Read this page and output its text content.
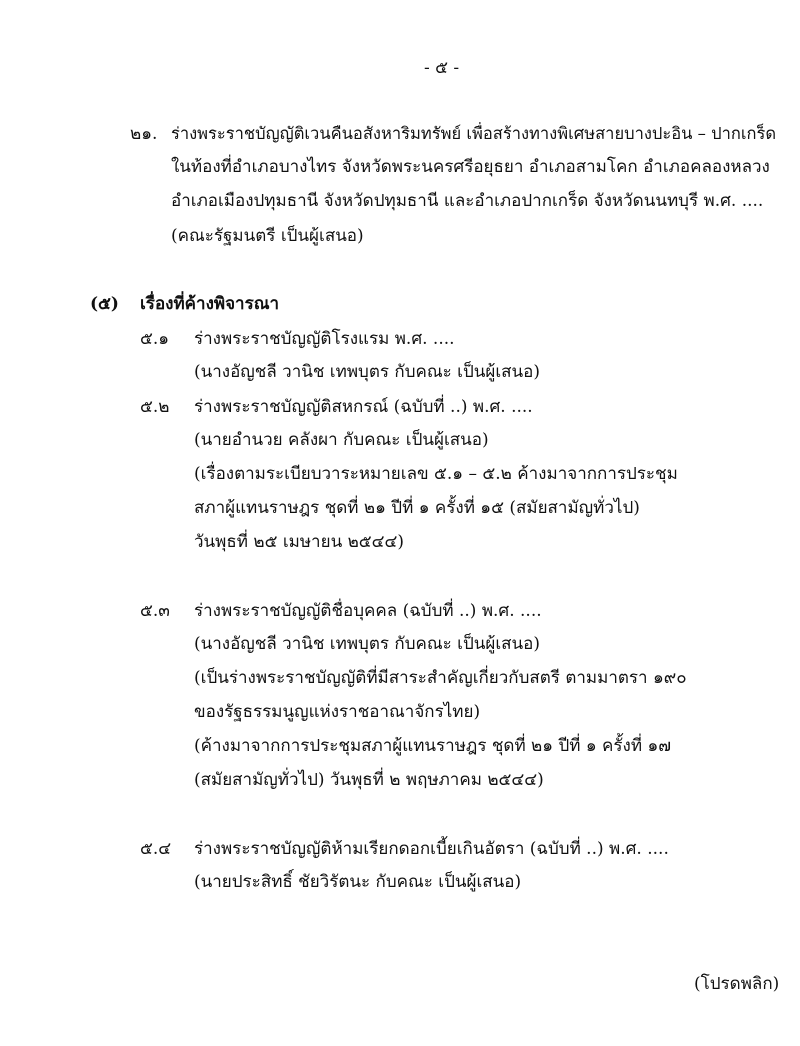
- ๕ -
๒๑. ร่างพระราชบัญญัติเวนคืนอสังหาริมทรัพย์ เพื่อสร้างทางพิเศษสายบางปะอิน – ปากเกร็ด
ในท้องที่อำเภอบางไทร จังหวัดพระนครศรีอยุธยา อำเภอสามโคก อำเภอคลองหลวง
อำเภอเมืองปทุมธานี จังหวัดปทุมธานี และอำเภอปากเกร็ด จังหวัดนนทบุรี พ.ศ. ....
(คณะรัฐมนตรี เป็นผู้เสนอ)
(๕) เรื่องที่ค้างพิจารณา
๕.๑ ร่างพระราชบัญญัติโรงแรม พ.ศ. ....
(นางอัญชลี วานิช เทพบุตร กับคณะ เป็นผู้เสนอ)
๕.๒ ร่างพระราชบัญญัติสหกรณ์ (ฉบับที่ ..) พ.ศ. ....
(นายอำนวย คลังผา กับคณะ เป็นผู้เสนอ)
(เรื่องตามระเบียบวาระหมายเลข ๕.๑ – ๕.๒ ค้างมาจากการประชุม
สภาผู้แทนราษฎร ชุดที่ ๒๑ ปีที่ ๑ ครั้งที่ ๑๕ (สมัยสามัญทั่วไป)
วันพุธที่ ๒๕ เมษายน ๒๕๔๔)
๕.๓ ร่างพระราชบัญญัติชื่อบุคคล (ฉบับที่ ..) พ.ศ. ....
(นางอัญชลี วานิช เทพบุตร กับคณะ เป็นผู้เสนอ)
(เป็นร่างพระราชบัญญัติที่มีสาระสำคัญเกี่ยวกับสตรี ตามมาตรา ๑๙๐
ของรัฐธรรมนูญแห่งราชอาณาจักรไทย)
(ค้างมาจากการประชุมสภาผู้แทนราษฎร ชุดที่ ๒๑ ปีที่ ๑ ครั้งที่ ๑๗
(สมัยสามัญทั่วไป) วันพุธที่ ๒ พฤษภาคม ๒๕๔๔)
๕.๔ ร่างพระราชบัญญัติห้ามเรียกดอกเบี้ยเกินอัตรา (ฉบับที่ ..) พ.ศ. ....
(นายประสิทธิ์ ชัยวิรัตนะ กับคณะ เป็นผู้เสนอ)
(โปรดพลิก)
